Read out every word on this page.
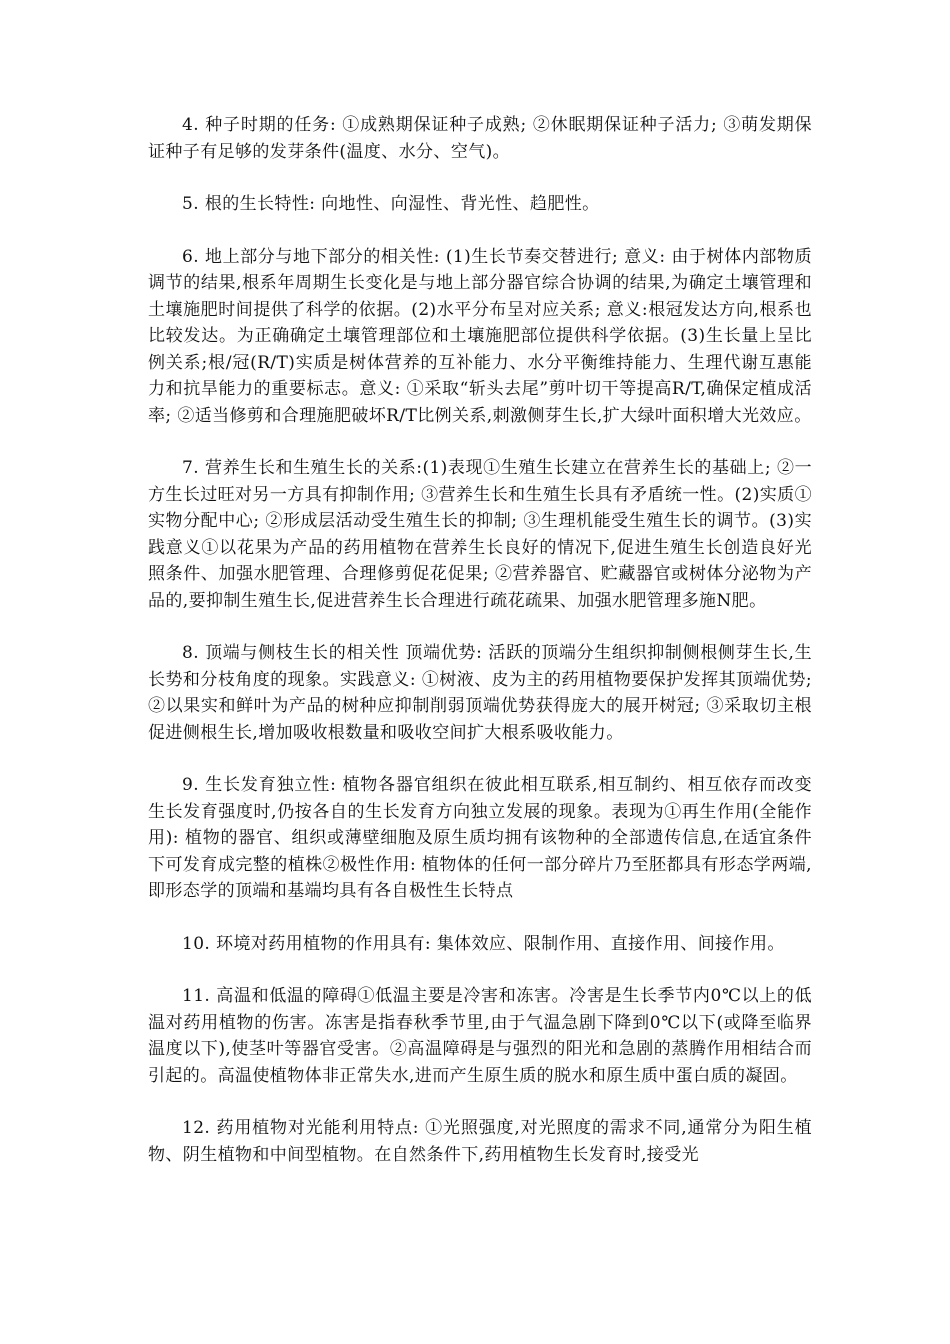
4. 种子时期的任务: ①成熟期保证种子成熟; ②休眠期保证种子活力; ③萌发期保证种子有足够的发芽条件(温度、水分、空气)。

5. 根的生长特性: 向地性、向湿性、背光性、趋肥性。

6. 地上部分与地下部分的相关性: (1)生长节奏交替进行; 意义: 由于树体内部物质调节的结果,根系年周期生长变化是与地上部分器官综合协调的结果,为确定土壤管理和土壤施肥时间提供了科学的依据。(2)水平分布呈对应关系; 意义:根冠发达方向,根系也比较发达。为正确确定土壤管理部位和土壤施肥部位提供科学依据。(3)生长量上呈比例关系;根/冠(R/T)实质是树体营养的互补能力、水分平衡维持能力、生理代谢互惠能力和抗旱能力的重要标志。意义: ①采取“斩头去尾”剪叶切干等提高R/T,确保定植成活率; ②适当修剪和合理施肥破坏R/T比例关系,刺激侧芽生长,扩大绿叶面积增大光效应。

7. 营养生长和生殖生长的关系:(1)表现①生殖生长建立在营养生长的基础上; ②一方生长过旺对另一方具有抑制作用; ③营养生长和生殖生长具有矛盾统一性。(2)实质①实物分配中心; ②形成层活动受生殖生长的抑制; ③生理机能受生殖生长的调节。(3)实践意义①以花果为产品的药用植物在营养生长良好的情况下,促进生殖生长创造良好光照条件、加强水肥管理、合理修剪促花促果; ②营养器官、贮藏器官或树体分泌物为产品的,要抑制生殖生长,促进营养生长合理进行疏花疏果、加强水肥管理多施N肥。

8. 顶端与侧枝生长的相关性 顶端优势: 活跃的顶端分生组织抑制侧根侧芽生长,生长势和分枝角度的现象。实践意义: ①树液、皮为主的药用植物要保护发挥其顶端优势; ②以果实和鲜叶为产品的树种应抑制削弱顶端优势获得庞大的展开树冠; ③采取切主根促进侧根生长,增加吸收根数量和吸收空间扩大根系吸收能力。

9. 生长发育独立性: 植物各器官组织在彼此相互联系,相互制约、相互依存而改变生长发育强度时,仍按各自的生长发育方向独立发展的现象。表现为①再生作用(全能作用): 植物的器官、组织或薄壁细胞及原生质均拥有该物种的全部遗传信息,在适宜条件下可发育成完整的植株②极性作用: 植物体的任何一部分碎片乃至胚都具有形态学两端,即形态学的顶端和基端均具有各自极性生长特点

10. 环境对药用植物的作用具有: 集体效应、限制作用、直接作用、间接作用。

11. 高温和低温的障碍①低温主要是冷害和冻害。冷害是生长季节内0℃以上的低温对药用植物的伤害。冻害是指春秋季节里,由于气温急剧下降到0℃以下(或降至临界温度以下),使茎叶等器官受害。②高温障碍是与强烈的阳光和急剧的蒸腾作用相结合而引起的。高温使植物体非正常失水,进而产生原生质的脱水和原生质中蛋白质的凝固。

12. 药用植物对光能利用特点: ①光照强度,对光照度的需求不同,通常分为阳生植物、阴生植物和中间型植物。在自然条件下,药用植物生长发育时,接受光
